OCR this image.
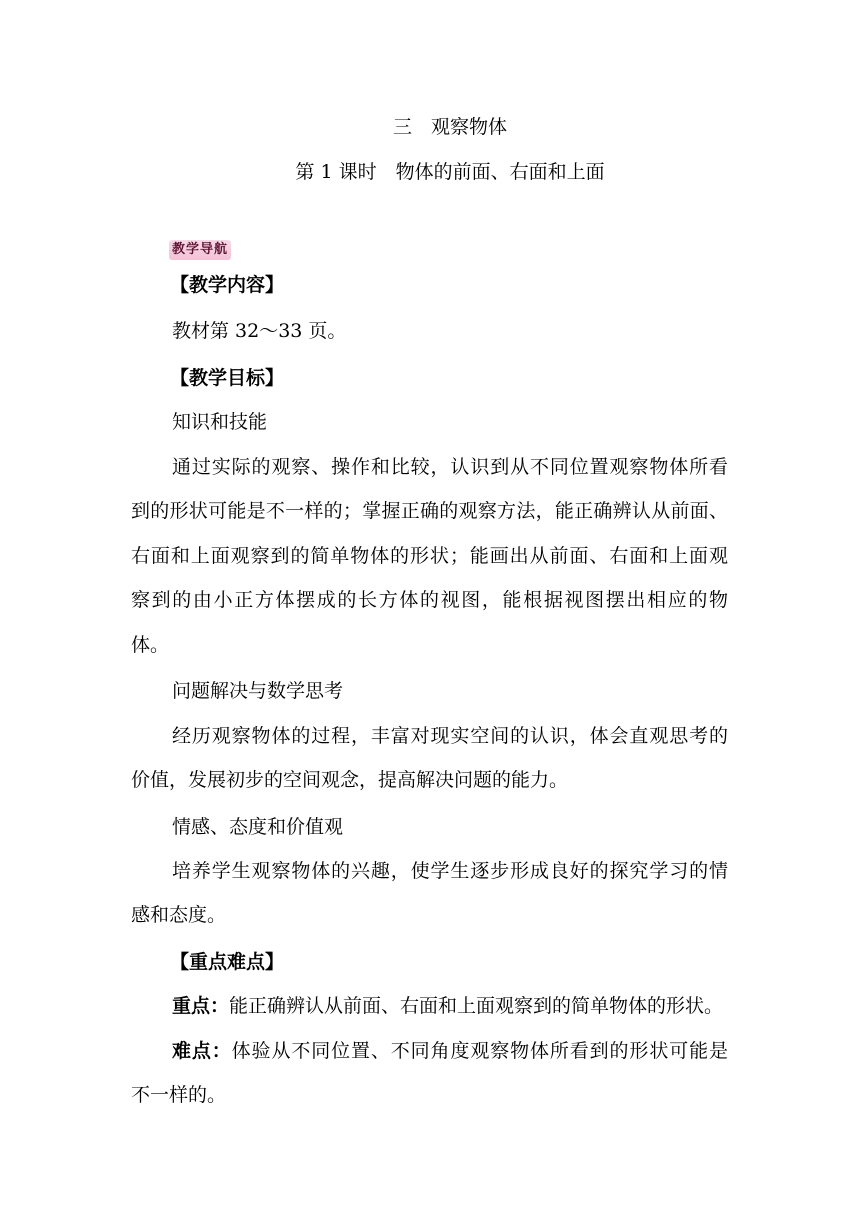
三　观察物体
第 1 课时　物体的前面、右面和上面
教学导航
【教学内容】
教材第 32～33 页。
【教学目标】
知识和技能
通过实际的观察、操作和比较，认识到从不同位置观察物体所看
到的形状可能是不一样的；掌握正确的观察方法，能正确辨认从前面、
右面和上面观察到的简单物体的形状；能画出从前面、右面和上面观
察到的由小正方体摆成的长方体的视图，能根据视图摆出相应的物
体。
问题解决与数学思考
经历观察物体的过程，丰富对现实空间的认识，体会直观思考的
价值，发展初步的空间观念，提高解决问题的能力。
情感、态度和价值观
培养学生观察物体的兴趣，使学生逐步形成良好的探究学习的情
感和态度。
【重点难点】
重点：能正确辨认从前面、右面和上面观察到的简单物体的形状。
难点：体验从不同位置、不同角度观察物体所看到的形状可能是
不一样的。
